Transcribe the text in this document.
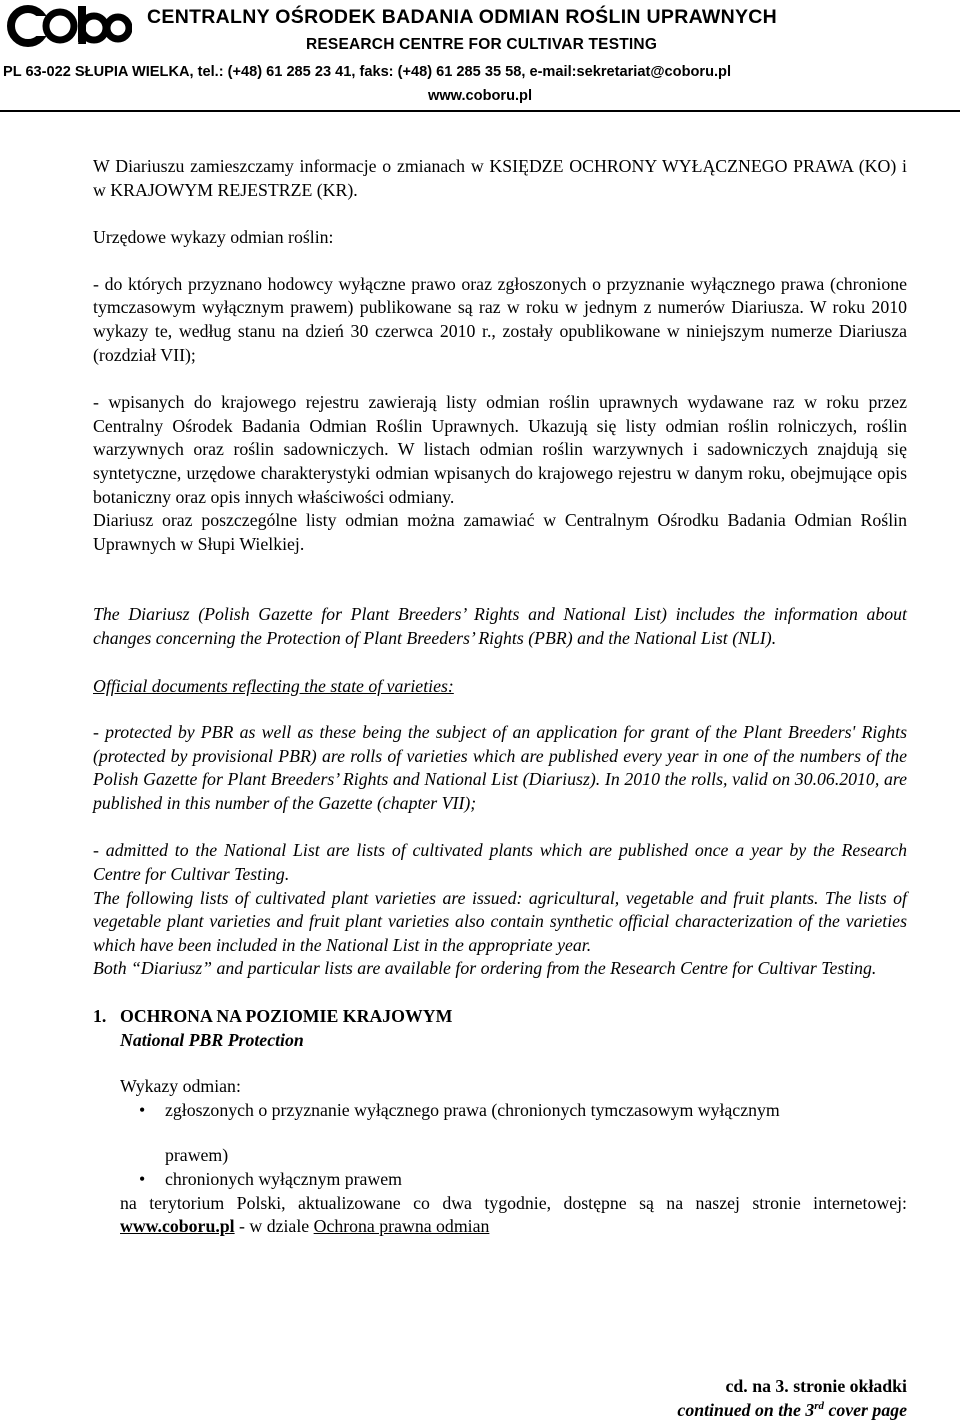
cobo
CENTRALNY OŚRODEK BADANIA ODMIAN ROŚLIN UPRAWNYCH
RESEARCH CENTRE FOR CULTIVAR TESTING
PL 63-022 SŁUPIA WIELKA, tel.: (+48) 61 285 23 41, faks: (+48) 61 285 35 58, e-mail:sekretariat@coboru.pl
www.coboru.pl

W Diariuszu zamieszczamy informacje o zmianach w KSIĘDZE OCHRONY WYŁĄCZNEGO PRAWA (KO) i w KRAJOWYM REJESTRZE (KR).

Urzędowe wykazy odmian roślin:

- do których przyznano hodowcy wyłączne prawo oraz zgłoszonych o przyznanie wyłącznego prawa (chronione tymczasowym wyłącznym prawem) publikowane są raz w roku w jednym z numerów Diariusza. W roku 2010 wykazy te, według stanu na dzień 30 czerwca 2010 r., zostały opublikowane w niniejszym numerze Diariusza (rozdział VII);

- wpisanych do krajowego rejestru zawierają listy odmian roślin uprawnych wydawane raz w roku przez Centralny Ośrodek Badania Odmian Roślin Uprawnych. Ukazują się listy odmian roślin rolniczych, roślin warzywnych oraz roślin sadowniczych. W listach odmian roślin warzywnych i sadowniczych znajdują się syntetyczne, urzędowe charakterystyki odmian wpisanych do krajowego rejestru w danym roku, obejmujące opis botaniczny oraz opis innych właściwości odmiany.

Diariusz oraz poszczególne listy odmian można zamawiać w Centralnym Ośrodku Badania Odmian Roślin Uprawnych w Słupi Wielkiej.

The Diariusz (Polish Gazette for Plant Breeders’ Rights and National List) includes the information about changes concerning the Protection of Plant Breeders’ Rights (PBR) and the National List (NLI).

Official documents reflecting the state of varieties:

- protected by PBR as well as these being the subject of an application for grant of the Plant Breeders' Rights (protected by provisional PBR) are rolls of varieties which are published every year in one of the numbers of the Polish Gazette for Plant Breeders’ Rights and National List (Diariusz). In 2010 the rolls, valid on 30.06.2010, are published in this number of the Gazette (chapter VII);

- admitted to the National List are lists of cultivated plants which are published once a year by the Research Centre for Cultivar Testing.

The following lists of cultivated plant varieties are issued: agricultural, vegetable and fruit plants. The lists of vegetable plant varieties and fruit plant varieties also contain synthetic official characterization of the varieties which have been included in the National List in the appropriate year.

Both “Diariusz” and particular lists are available for ordering from the Research Centre for Cultivar Testing.

1. OCHRONA NA POZIOMIE KRAJOWYM
National PBR Protection
Wykazy odmian:
• zgłoszonych o przyznanie wyłącznego prawa (chronionych tymczasowym wyłącznym
prawem)
• chronionych wyłącznym prawem

na terytorium Polski, aktualizowane co dwa tygodnie, dostępne są na naszej stronie internetowej: www.coboru.pl - w dziale Ochrona prawna odmian

cd. na 3. stronie okładki
continued on the 3rd cover page
